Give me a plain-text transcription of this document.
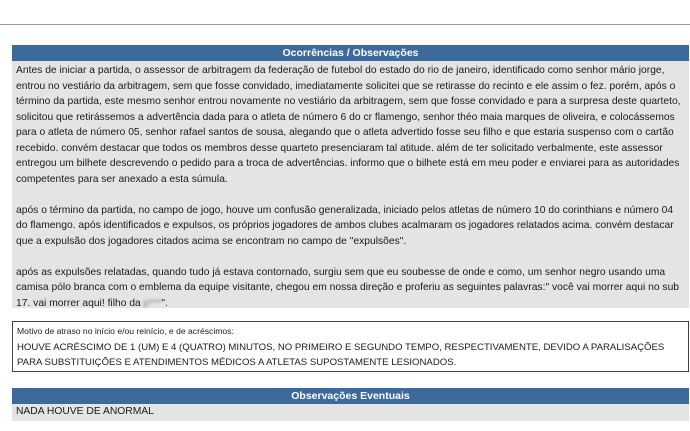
Ocorrências / Observações

Antes de iniciar a partida, o assessor de arbitragem da federação de futebol do estado do rio de janeiro, identificado como senhor mário jorge, entrou no vestiário da arbitragem, sem que fosse convidado, imediatamente solicitei que se retirasse do recinto e ele assim o fez. porém, após o término da partida, este mesmo senhor entrou novamente no vestiário da arbitragem, sem que fosse convidado e para a surpresa deste quarteto, solicitou que retirássemos a advertência dada para o atleta de número 6 do cr flamengo, senhor théo maia marques de oliveira, e colocássemos para o atleta de número 05, senhor rafael santos de sousa, alegando que o atleta advertido fosse seu filho e que estaria suspenso com o cartão recebido. convém destacar que todos os membros desse quarteto presenciaram tal atitude. além de ter solicitado verbalmente, este assessor entregou um bilhete descrevendo o pedido para a troca de advertências. informo que o bilhete está em meu poder e enviarei para as autoridades competentes para ser anexado a esta súmula.

após o término da partida, no campo de jogo, houve um confusão generalizada, iniciado pelos atletas de número 10 do corinthians e número 04 do flamengo. após identificados e expulsos, os próprios jogadores de ambos clubes acalmaram os jogadores relatados acima. convém destacar que a expulsão dos jogadores citados acima se encontram no campo de "expulsões".

após as expulsões relatadas, quando tudo já estava contornado, surgiu sem que eu soubesse de onde e como, um senhor negro usando uma camisa pólo branca com o emblema da equipe visitante, chegou em nossa direção e proferiu as seguintes palavras:" você vai morrer aqui no sub 17. vai morrer aqui! filho da p***".

Motivo de atraso no início e/ou reinício, e de acréscimos:
HOUVE ACRÉSCIMO DE 1 (UM) E 4 (QUATRO) MINUTOS, NO PRIMEIRO E SEGUNDO TEMPO, RESPECTIVAMENTE, DEVIDO A PARALISAÇÕES PARA SUBSTITUIÇÕES E ATENDIMENTOS MÉDICOS A ATLETAS SUPOSTAMENTE LESIONADOS.
Observações Eventuais
NADA HOUVE DE ANORMAL
